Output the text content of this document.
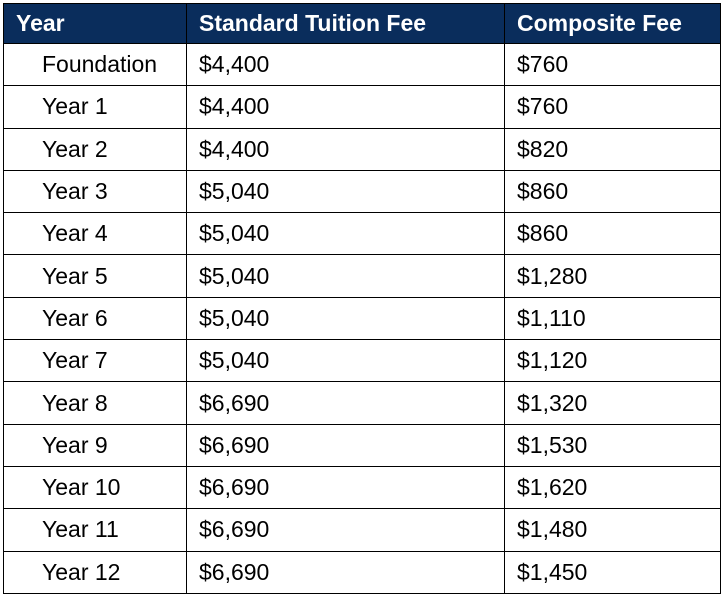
Year	Standard Tuition Fee	Composite Fee
Foundation	$4,400	$760
Year 1	$4,400	$760
Year 2	$4,400	$820
Year 3	$5,040	$860
Year 4	$5,040	$860
Year 5	$5,040	$1,280
Year 6	$5,040	$1,110
Year 7	$5,040	$1,120
Year 8	$6,690	$1,320
Year 9	$6,690	$1,530
Year 10	$6,690	$1,620
Year 11	$6,690	$1,480
Year 12	$6,690	$1,450
